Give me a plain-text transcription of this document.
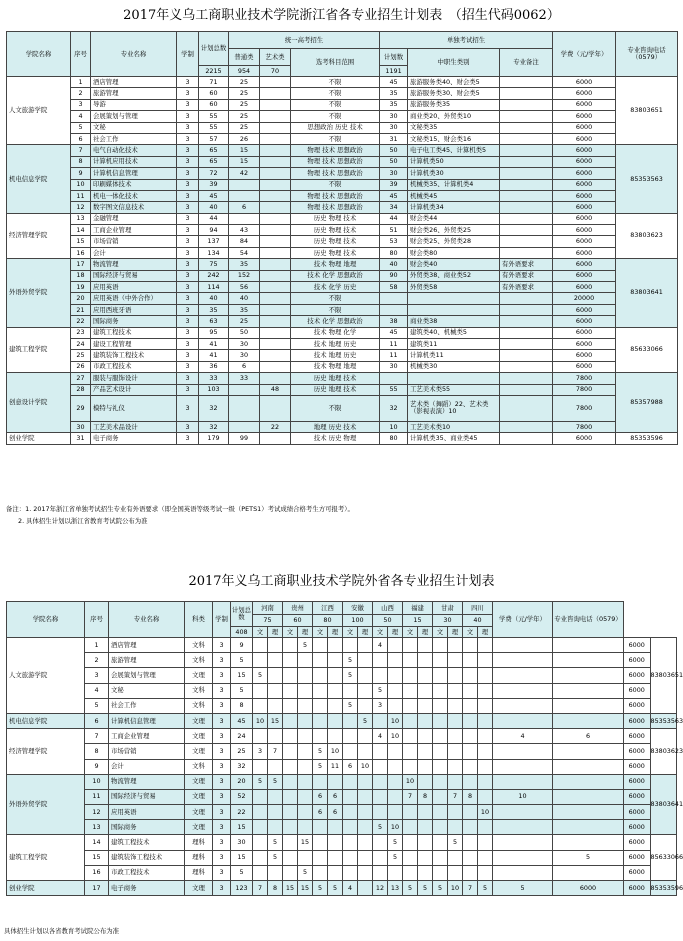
2017年义乌工商职业技术学院浙江省各专业招生计划表　（招生代码0062）
学院名称	序号	专业名称	学制	计划总数	统一高考招生			单独考试招生			学费（元/学年）	专业咨询电话（0579）
					普通类	艺术类	选考科目范围	计划数	中职生类别	专业备注		
				2215	954	70		1191				
人文旅游学院	1	酒店管理	3	71	25		不限	45	旅游服务类40、财会类5		6000	83803651
	2	旅游管理	3	60	25		不限	35	旅游服务类30、财会类5		6000	
	3	导游	3	60	25		不限	35	旅游服务类35		6000	
	4	会展策划与管理	3	55	25		不限	30	商业类20、外贸类10		6000	
	5	文秘	3	55	25		思想政治 历史 技术	30	文秘类35		6000	
	6	社会工作	3	57	26		不限	31	文秘类15、财会类16		6000	
机电信息学院	7	电气自动化技术	3	65	15		物理 技术 思想政治	50	电子电工类45、计算机类5		6000	85353563
	8	计算机应用技术	3	65	15		物理 技术 思想政治	50	计算机类50		6000	
	9	计算机信息管理	3	72	42		物理 技术 思想政治	30	计算机类30		6000	
	10	印刷媒体技术	3	39			不限	39	机械类35、计算机类4		6000	
	11	机电一体化技术	3	45			物理 技术 思想政治	45	机械类45		6000	
	12	数字图文信息技术	3	40	6		物理 技术 思想政治	34	计算机类34		6000	
经济管理学院	13	金融管理	3	44			历史 物理 技术	44	财会类44		6000	83803623
	14	工商企业管理	3	94	43		历史 物理 技术	51	财会类26、外贸类25		6000	
	15	市场营销	3	137	84		历史 物理 技术	53	财会类25、外贸类28		6000	
	16	会计	3	134	54		历史 物理 技术	80	财会类80		6000	
外语外贸学院	17	物流管理	3	75	35		技术 物理 地理	40	财会类40	有外语要求	6000	83803641
	18	国际经济与贸易	3	242	152		技术 化学 思想政治	90	外贸类38、商业类52	有外语要求	6000	
	19	应用英语	3	114	56		技术 化学 历史	58	外贸类58	有外语要求	6000	
	20	应用英语（中外合作）	3	40	40		不限				20000	
	21	应用西班牙语	3	35	35		不限				6000	
	22	国际商务	3	63	25		技术 化学 思想政治	38	商业类38		6000	
建筑工程学院	23	建筑工程技术	3	95	50		技术 物理 化学	45	建筑类40、机械类5		6000	85633066
	24	建设工程管理	3	41	30		技术 地理 历史	11	建筑类11		6000	
	25	建筑装饰工程技术	3	41	30		技术 地理 历史	11	计算机类11		6000	
	26	市政工程技术	3	36	6		技术 物理 地理	30	机械类30		6000	
创意设计学院	27	服装与服饰设计	3	33	33		历史 地理 技术				7800	85357988
	28	产品艺术设计	3	103		48	历史 地理 技术	55	工艺美术类55		7800	
	29	模特与礼仪	3	32			不限	32	艺术类（舞蹈）22、艺术类（影视表演）10		7800	
	30	工艺美术品设计	3	32		22	地理 历史 技术	10	工艺美术类10		7800	
创业学院	31	电子商务	3	179	99		技术 历史 物理	80	计算机类35、商业类45		6000	85353596
备注：1. 2017年浙江省单独考试招生专业有外语要求（即全国英语等级考试一级（PETS1）考试成绩合格考生方可报考）。
2. 具体招生计划以浙江省教育考试院公布为准
2017年义乌工商职业技术学院外省各专业招生计划表
学院名称	序号	专业名称	科类	学制	计划总数	河南		贵州		江西		安徽		山西		福建		甘肃		四川		学费（元/学年）	专业咨询电话（0579）		
						75		60		80		100		50		15		30		40					
					408	文	理	文	理	文	理	文	理	文	理	文	理	文	理	文	理				
人文旅游学院	1	酒店管理	文科	3	9				5					4										6000	83803651
	2	旅游管理	文科	3	5							5												6000	
	3	会展策划与管理	文理	3	15	5						5												6000	
	4	文秘	文科	3	5									5										6000	
	5	社会工作	文科	3	8							5		3										6000	
机电信息学院	6	计算机信息管理	文理	3	45	10	15						5		10									6000	85353563
经济管理学院	7	工商企业管理	文理	3	24									4	10							4	6	6000	83803623
	8	市场营销	文理	3	25	3	7			5	10													6000	
	9	会计	文科	3	32					5	11	6	10											6000	
外语外贸学院	10	物流管理	文理	3	20	5	5									10								6000	83803641
	11	国际经济与贸易	文理	3	52					6	6					7	8		7	8		10		6000	
	12	应用英语	文理	3	22					6	6										10			6000	
	13	国际商务	文理	3	15									5	10									6000	
建筑工程学院	14	建筑工程技术	理科	3	30		5		15						5				5					6000	85633066
	15	建筑装饰工程技术	理科	3	15		5								5								5	6000	
	16	市政工程技术	理科	3	5				5															6000	
创业学院	17	电子商务	文理	3	123	7	8	15	15	5	5	4		12	13	5	5	5	10	7	5	5	6000	6000	85353596
具体招生计划以各省教育考试院公布为准
